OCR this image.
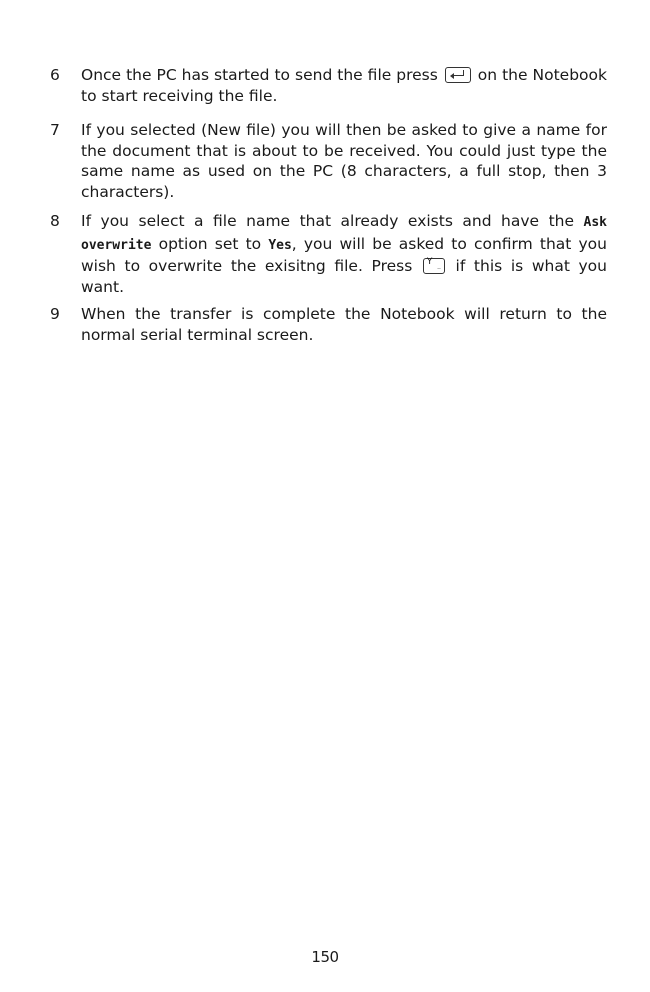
6	Once the PC has started to send the file press	on the Notebook to start receiving the file.
7	If you selected (New file) you will then be asked to give a name for the document that is about to be received. You could just type the same name as used on the PC (8 characters, a full stop, then 3 characters).
8	If you select a file name that already exists and have the Ask overwrite option set to Yes, you will be asked to confirm that you wish to overwrite the exisitng file. Press Y
.. if this is what you want.
9	When the transfer is complete the Notebook will return to the normal serial terminal screen.
150
